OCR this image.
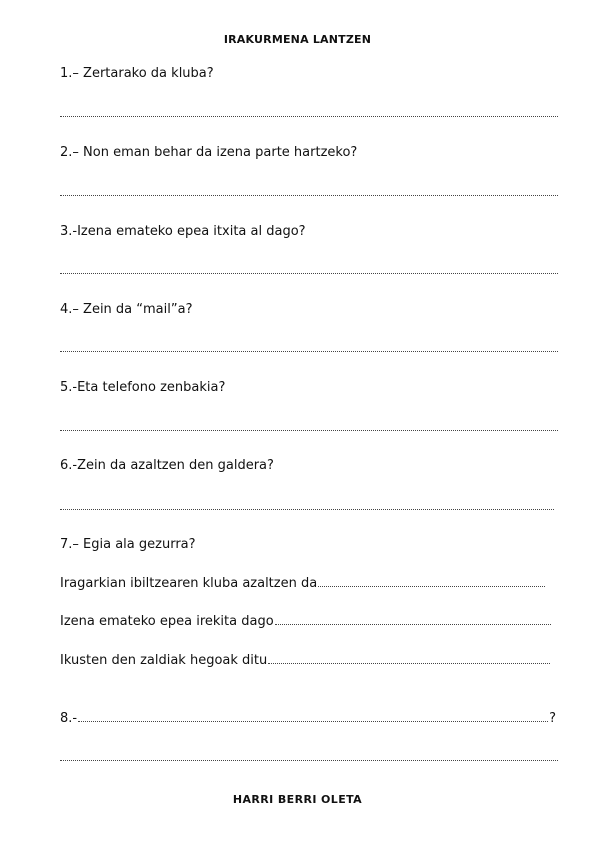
IRAKURMENA LANTZEN
1.– Zertarako da kluba?
2.– Non eman behar da izena parte hartzeko?
3.-Izena emateko epea itxita al dago?
4.– Zein da “mail”a?
5.-Eta telefono zenbakia?
6.-Zein da azaltzen den galdera?
7.– Egia ala gezurra?
Iragarkian ibiltzearen kluba azaltzen da
Izena emateko epea irekita dago
Ikusten den zaldiak hegoak ditu
8.-	?
HARRI BERRI OLETA
